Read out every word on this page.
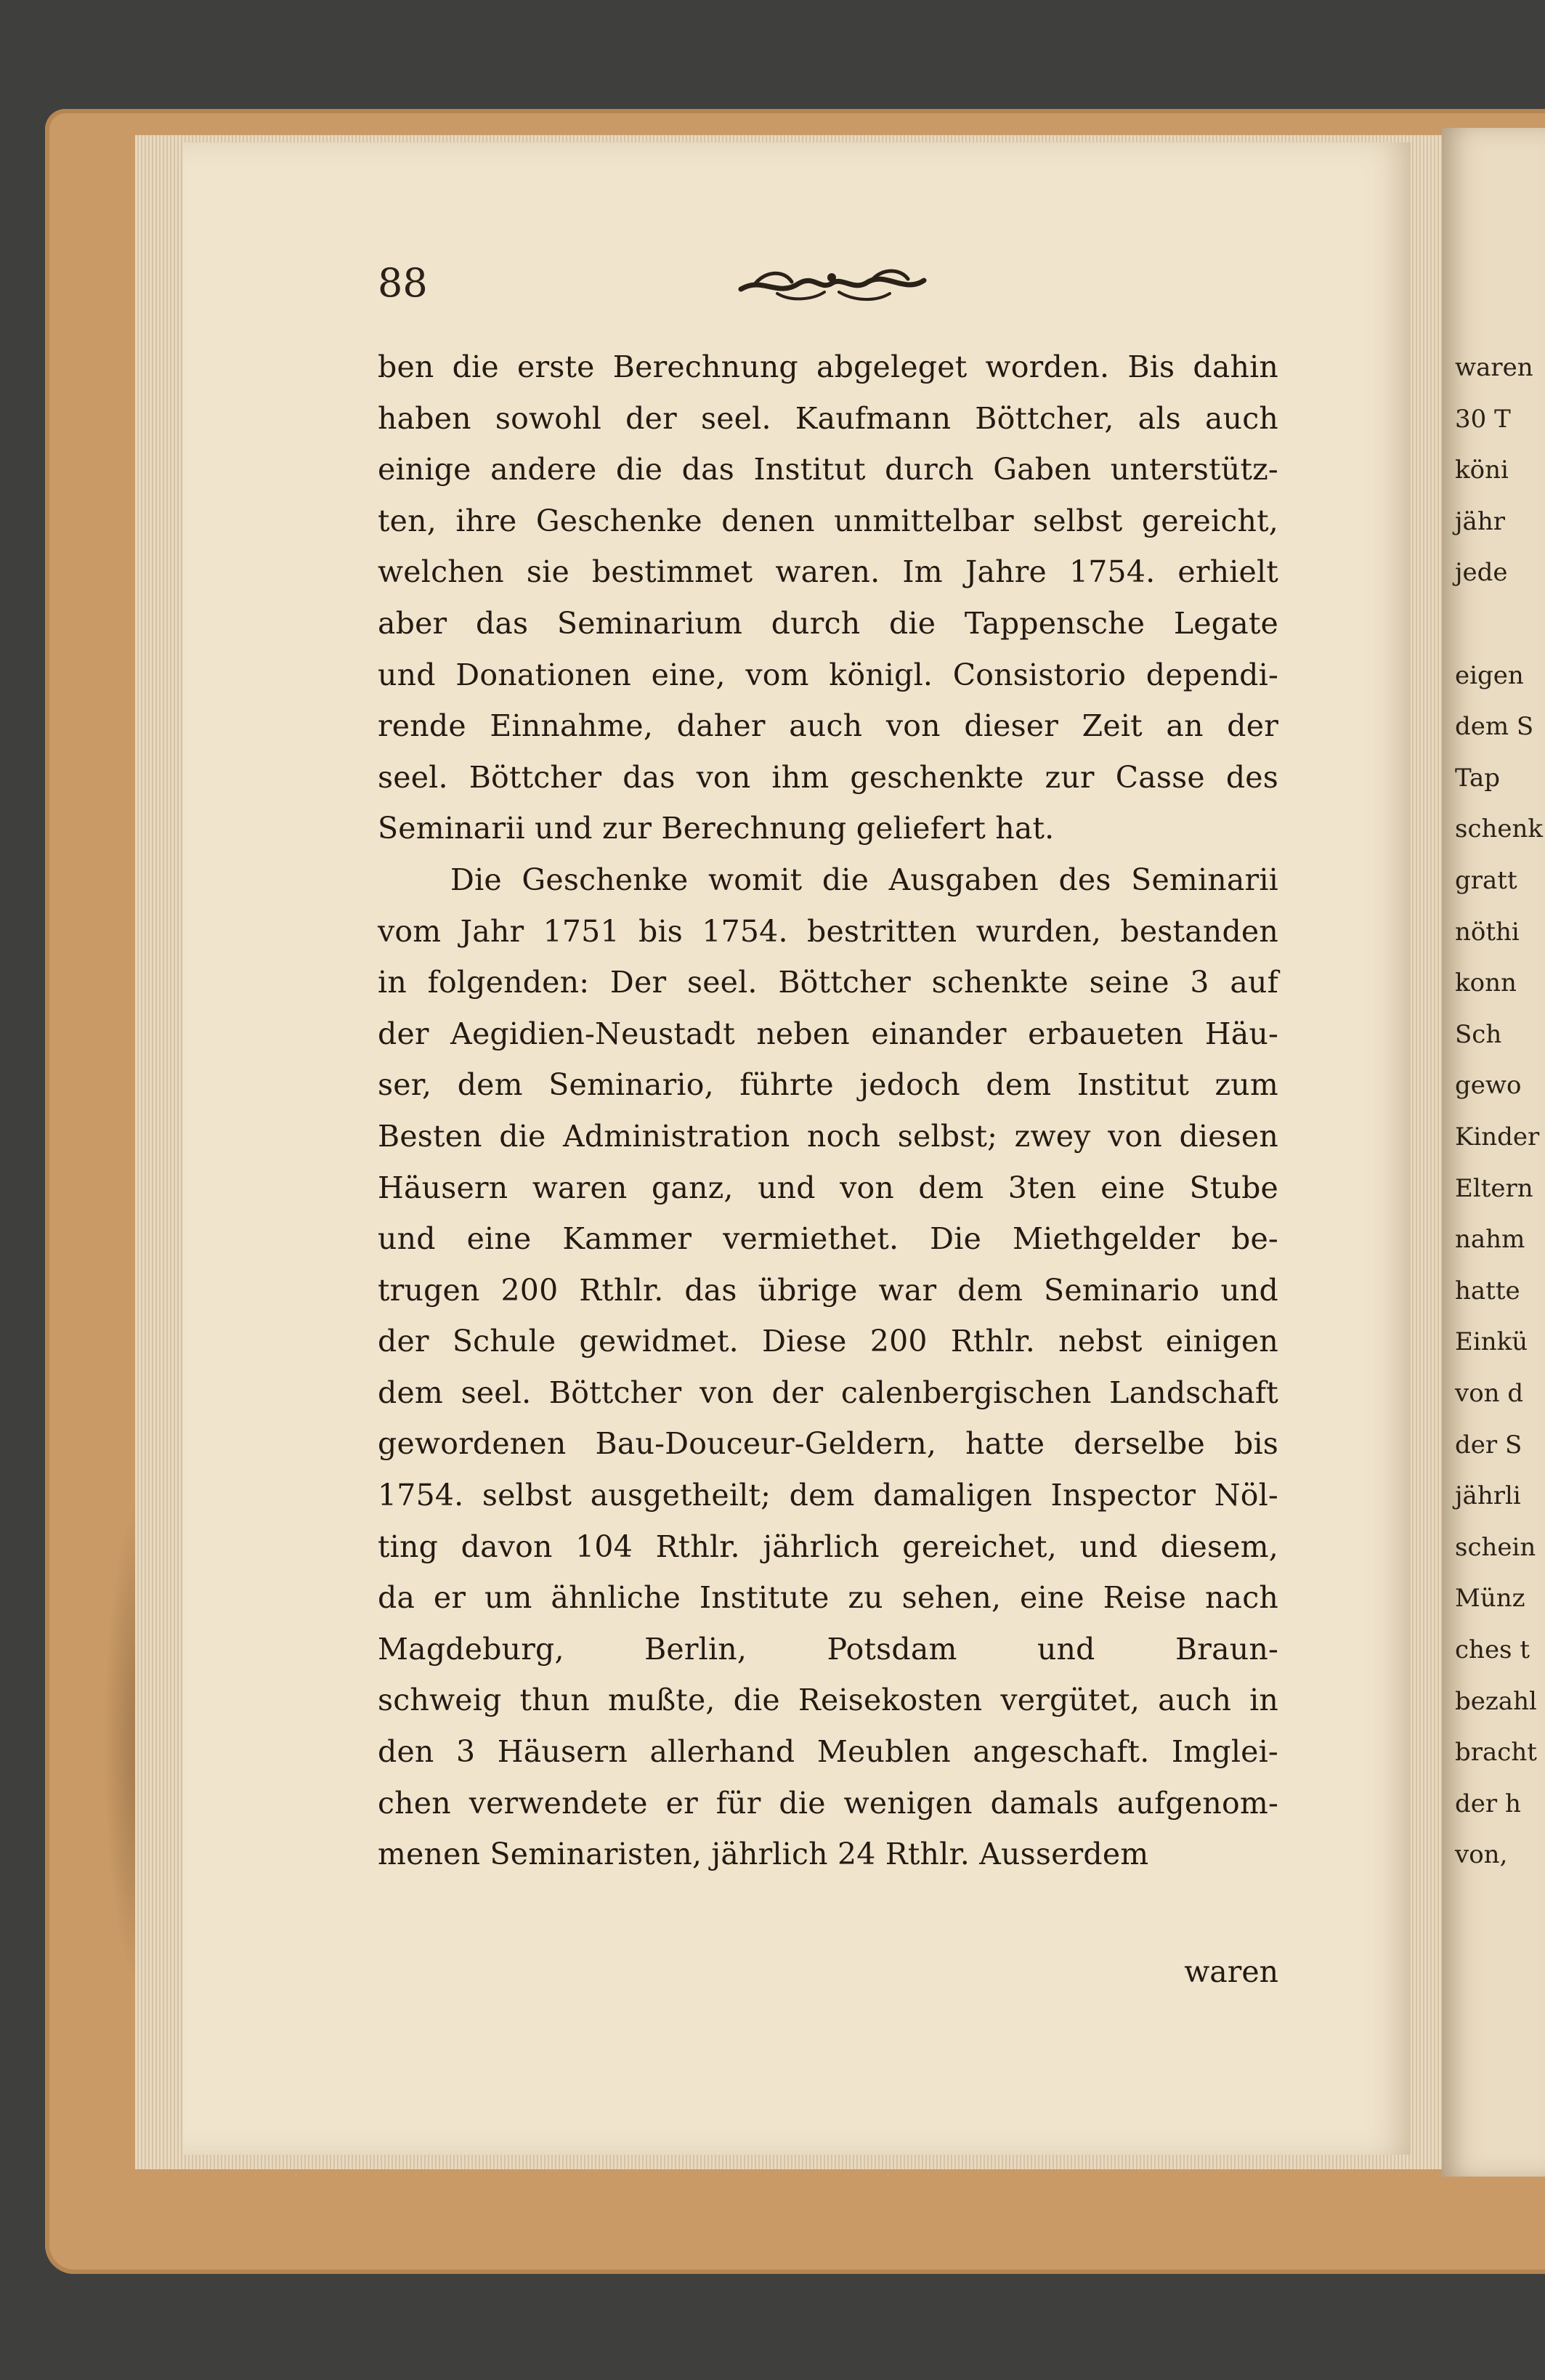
waren
30 T
köni
jähr
jede
eigen
dem S
Tap
schenk
gratt
nöthi
konn
Sch
gewo
Kinder
Eltern
nahm
hatte
Einkü
von d
der S
jährli
schein
Münz
ches t
bezahl
bracht
der h
von,
88
ben die erste Berechnung abgeleget worden. Bis dahin
haben sowohl der seel. Kaufmann Böttcher, als auch
einige andere die das Institut durch Gaben unterstütz-
ten, ihre Geschenke denen unmittelbar selbst gereicht,
welchen sie bestimmet waren. Im Jahre 1754. erhielt
aber das Seminarium durch die Tappensche Legate
und Donationen eine, vom königl. Consistorio dependi-
rende Einnahme, daher auch von dieser Zeit an der
seel. Böttcher das von ihm geschenkte zur Casse des
Seminarii und zur Berechnung geliefert hat.
Die Geschenke womit die Ausgaben des Seminarii
vom Jahr 1751 bis 1754. bestritten wurden, bestanden
in folgenden: Der seel. Böttcher schenkte seine 3 auf
der Aegidien-Neustadt neben einander erbaueten Häu-
ser, dem Seminario, führte jedoch dem Institut zum
Besten die Administration noch selbst; zwey von diesen
Häusern waren ganz, und von dem 3ten eine Stube
und eine Kammer vermiethet. Die Miethgelder be-
trugen 200 Rthlr. das übrige war dem Seminario und
der Schule gewidmet. Diese 200 Rthlr. nebst einigen
dem seel. Böttcher von der calenbergischen Landschaft
gewordenen Bau-Douceur-Geldern, hatte derselbe bis
1754. selbst ausgetheilt; dem damaligen Inspector Nöl-
ting davon 104 Rthlr. jährlich gereichet, und diesem,
da er um ähnliche Institute zu sehen, eine Reise nach
Magdeburg, Berlin, Potsdam und Braun-
schweig thun mußte, die Reisekosten vergütet, auch in
den 3 Häusern allerhand Meublen angeschaft. Imglei-
chen verwendete er für die wenigen damals aufgenom-
menen Seminaristen, jährlich 24 Rthlr. Ausserdem
waren
